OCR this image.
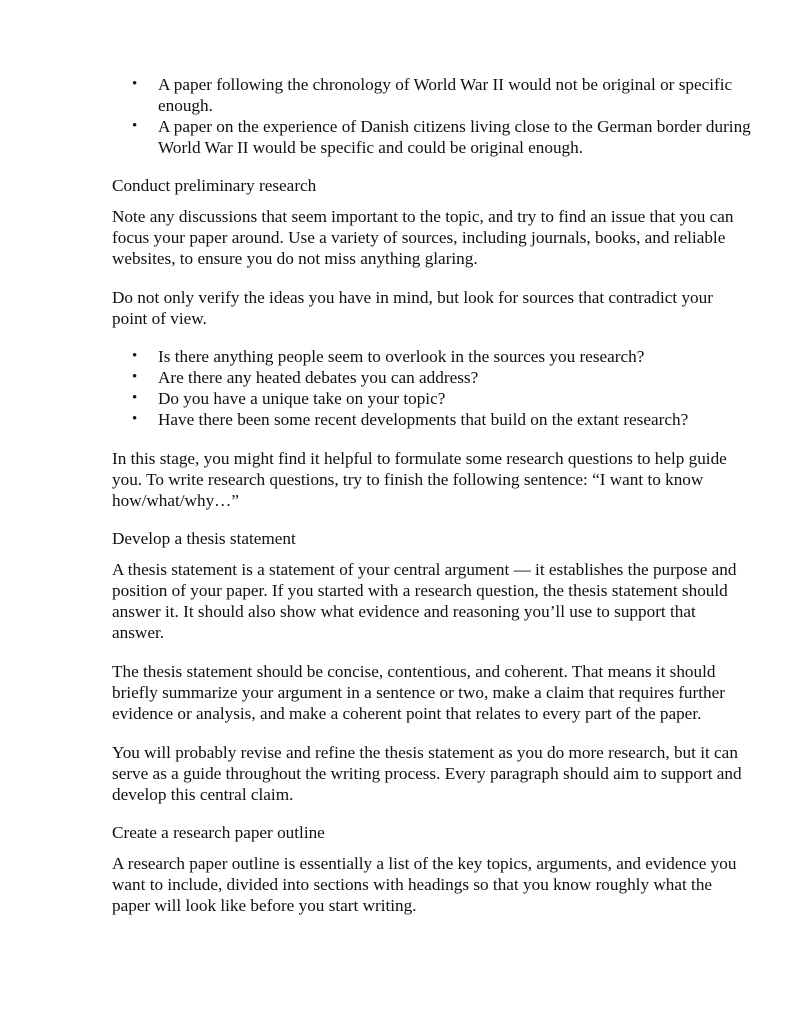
• A paper following the chronology of World War II would not be original or specific enough.
• A paper on the experience of Danish citizens living close to the German border during World War II would be specific and could be original enough.
Conduct preliminary research

Note any discussions that seem important to the topic, and try to find an issue that you can focus your paper around. Use a variety of sources, including journals, books, and reliable websites, to ensure you do not miss anything glaring.

Do not only verify the ideas you have in mind, but look for sources that contradict your point of view.

• Is there anything people seem to overlook in the sources you research?
• Are there any heated debates you can address?
• Do you have a unique take on your topic?
• Have there been some recent developments that build on the extant research?

In this stage, you might find it helpful to formulate some research questions to help guide you. To write research questions, try to finish the following sentence: “I want to know how/what/why…”

Develop a thesis statement

A thesis statement is a statement of your central argument — it establishes the purpose and position of your paper. If you started with a research question, the thesis statement should answer it. It should also show what evidence and reasoning you’ll use to support that answer.

The thesis statement should be concise, contentious, and coherent. That means it should briefly summarize your argument in a sentence or two, make a claim that requires further evidence or analysis, and make a coherent point that relates to every part of the paper.

You will probably revise and refine the thesis statement as you do more research, but it can serve as a guide throughout the writing process. Every paragraph should aim to support and develop this central claim.

Create a research paper outline

A research paper outline is essentially a list of the key topics, arguments, and evidence you want to include, divided into sections with headings so that you know roughly what the paper will look like before you start writing.
